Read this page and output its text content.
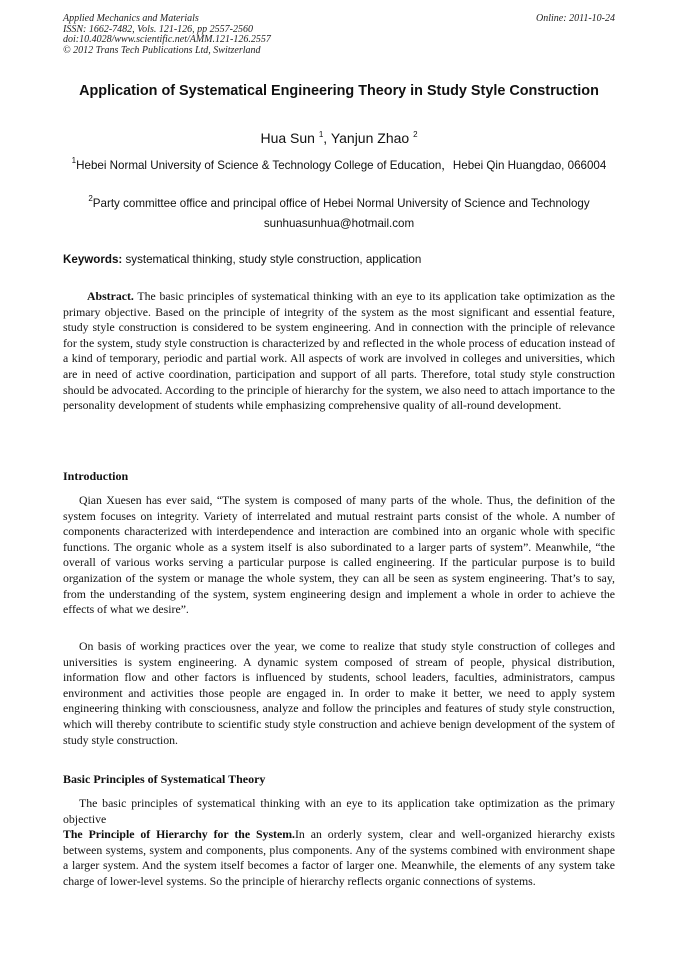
Applied Mechanics and Materials
ISSN: 1662-7482, Vols. 121-126, pp 2557-2560
doi:10.4028/www.scientific.net/AMM.121-126.2557
© 2012 Trans Tech Publications Ltd, Switzerland
Online: 2011-10-24
Application of Systematical Engineering Theory in Study Style Construction
Hua Sun $^1$, Yanjun Zhao $^2$
$^1$Hebei Normal University of Science & Technology College of Education，Hebei Qin Huangdao, 066004
$^2$Party committee office and principal office of Hebei Normal University of Science and Technology
sunhuasunhua@hotmail.com
Keywords: systematical thinking, study style construction, application
Abstract. The basic principles of systematical thinking with an eye to its application take optimization as the primary objective. Based on the principle of integrity of the system as the most significant and essential feature, study style construction is considered to be system engineering. And in connection with the principle of relevance for the system, study style construction is characterized by and reflected in the whole process of education instead of a kind of temporary, periodic and partial work. All aspects of work are involved in colleges and universities, which are in need of active coordination, participation and support of all parts. Therefore, total study style construction should be advocated. According to the principle of hierarchy for the system, we also need to attach importance to the personality development of students while emphasizing comprehensive quality of all-round development.
Introduction
Qian Xuesen has ever said, “The system is composed of many parts of the whole. Thus, the definition of the system focuses on integrity. Variety of interrelated and mutual restraint parts consist of the whole. A number of components characterized with interdependence and interaction are combined into an organic whole with specific functions. The organic whole as a system itself is also subordinated to a larger parts of system”. Meanwhile, “the overall of various works serving a particular purpose is called engineering. If the particular purpose is to build organization of the system or manage the whole system, they can all be seen as system engineering. That’s to say, from the understanding of the system, system engineering design and implement a whole in order to achieve the effects of what we desire”.
On basis of working practices over the year, we come to realize that study style construction of colleges and universities is system engineering. A dynamic system composed of stream of people, physical distribution, information flow and other factors is influenced by students, school leaders, faculties, administrators, campus environment and activities those people are engaged in. In order to make it better, we need to apply system engineering thinking with consciousness, analyze and follow the principles and features of study style construction, which will thereby contribute to scientific study style construction and achieve benign development of the system of study style construction.
Basic Principles of Systematical Theory
The basic principles of systematical thinking with an eye to its application take optimization as the primary objective
The Principle of Hierarchy for the System.In an orderly system, clear and well-organized hierarchy exists between systems, system and components, plus components. Any of the systems combined with environment shape a larger system. And the system itself becomes a factor of larger one. Meanwhile, the elements of any system take charge of lower-level systems. So the principle of hierarchy reflects organic connections of systems.
